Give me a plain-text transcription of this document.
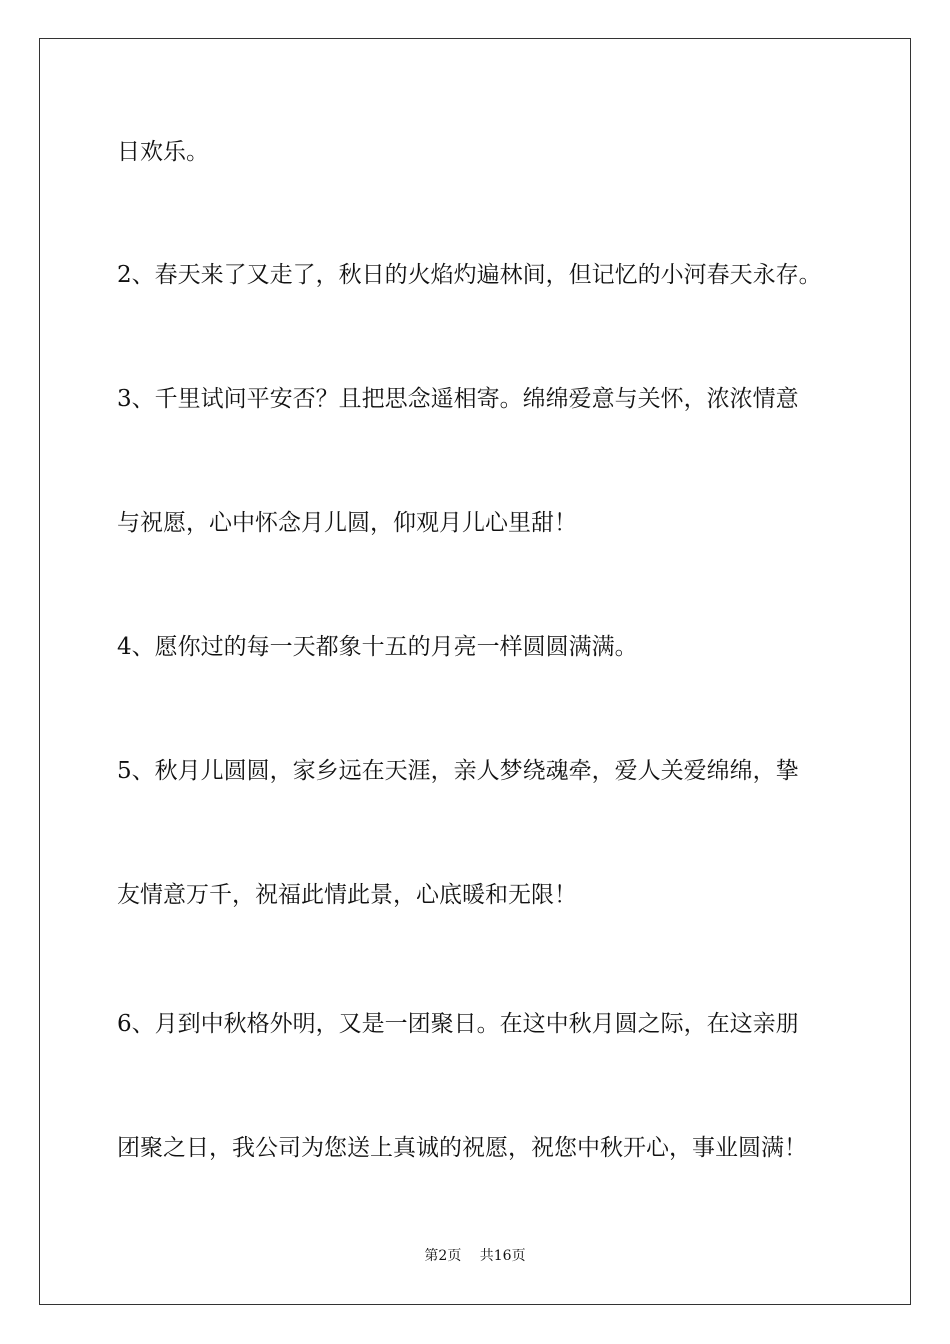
日欢乐。

2、春天来了又走了，秋日的火焰灼遍林间，但记忆的小河春天永存。

3、千里试问平安否？且把思念遥相寄。绵绵爱意与关怀，浓浓情意

与祝愿，心中怀念月儿圆，仰观月儿心里甜！

4、愿你过的每一天都象十五的月亮一样圆圆满满。

5、秋月儿圆圆，家乡远在天涯，亲人梦绕魂牵，爱人关爱绵绵，挚

友情意万千，祝福此情此景，心底暖和无限！

6、月到中秋格外明，又是一团聚日。在这中秋月圆之际，在这亲朋

团聚之日，我公司为您送上真诚的祝愿，祝您中秋开心，事业圆满！

第2页　 共16页
